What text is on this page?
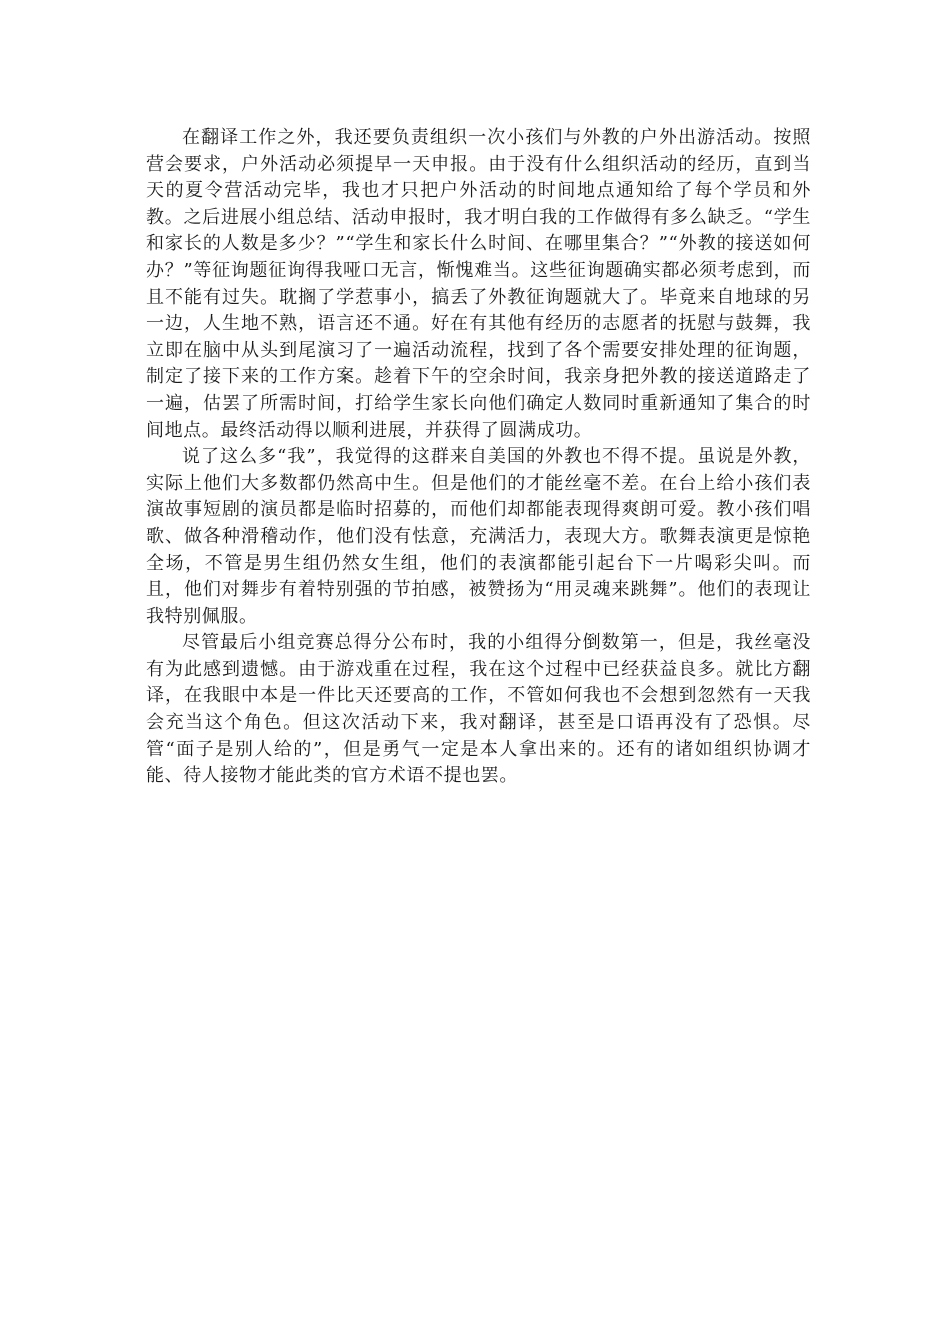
在翻译工作之外，我还要负责组织一次小孩们与外教的户外出游活动。按照营会要求，户外活动必须提早一天申报。由于没有什么组织活动的经历，直到当天的夏令营活动完毕，我也才只把户外活动的时间地点通知给了每个学员和外教。之后进展小组总结、活动申报时，我才明白我的工作做得有多么缺乏。“学生和家长的人数是多少？”“学生和家长什么时间、在哪里集合？”“外教的接送如何办？”等征询题征询得我哑口无言，惭愧难当。这些征询题确实都必须考虑到，而且不能有过失。耽搁了学惹事小，搞丢了外教征询题就大了。毕竟来自地球的另一边，人生地不熟，语言还不通。好在有其他有经历的志愿者的抚慰与鼓舞，我立即在脑中从头到尾演习了一遍活动流程，找到了各个需要安排处理的征询题，制定了接下来的工作方案。趁着下午的空余时间，我亲身把外教的接送道路走了一遍，估罢了所需时间，打给学生家长向他们确定人数同时重新通知了集合的时间地点。最终活动得以顺利进展，并获得了圆满成功。

说了这么多“我”，我觉得的这群来自美国的外教也不得不提。虽说是外教，实际上他们大多数都仍然高中生。但是他们的才能丝毫不差。在台上给小孩们表演故事短剧的演员都是临时招募的，而他们却都能表现得爽朗可爱。教小孩们唱歌、做各种滑稽动作，他们没有怯意，充满活力，表现大方。歌舞表演更是惊艳全场，不管是男生组仍然女生组，他们的表演都能引起台下一片喝彩尖叫。而且，他们对舞步有着特别强的节拍感，被赞扬为“用灵魂来跳舞”。他们的表现让我特别佩服。

尽管最后小组竞赛总得分公布时，我的小组得分倒数第一，但是，我丝毫没有为此感到遗憾。由于游戏重在过程，我在这个过程中已经获益良多。就比方翻译，在我眼中本是一件比天还要高的工作，不管如何我也不会想到忽然有一天我会充当这个角色。但这次活动下来，我对翻译，甚至是口语再没有了恐惧。尽管“面子是别人给的”，但是勇气一定是本人拿出来的。还有的诸如组织协调才能、待人接物才能此类的官方术语不提也罢。
